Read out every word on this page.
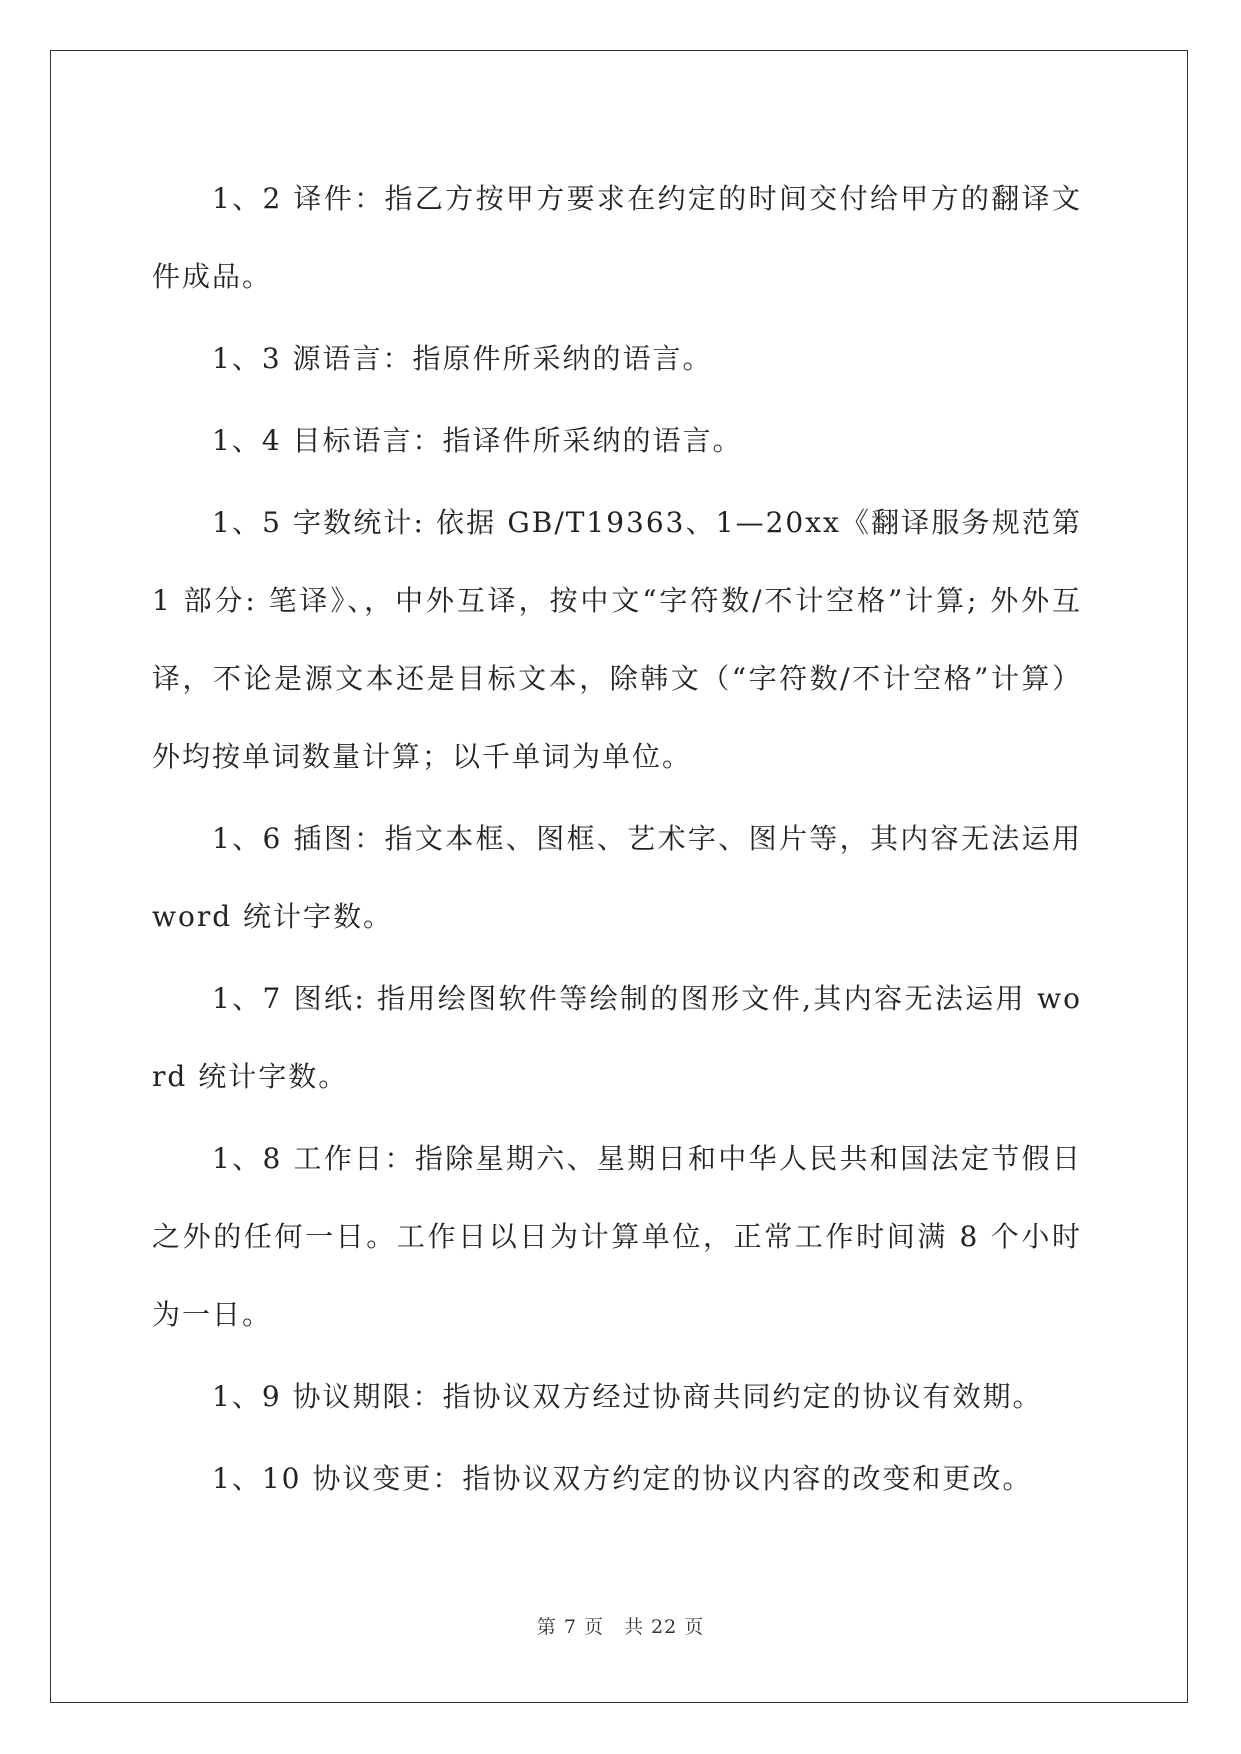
1、2 译件：指乙方按甲方要求在约定的时间交付给甲方的翻译文件成品。

1、3 源语言：指原件所采纳的语言。

1、4 目标语言：指译件所采纳的语言。

1、5 字数统计: 依据 GB/T19363、1—20xx《翻译服务规范第 1 部分: 笔译》、，中外互译，按中文“字符数/不计空格”计算; 外外互译，不论是源文本还是目标文本，除韩文（“字符数/不计空格”计算）外均按单词数量计算；以千单词为单位。

1、6 插图：指文本框、图框、艺术字、图片等，其内容无法运用 word 统计字数。

1、7 图纸: 指用绘图软件等绘制的图形文件,其内容无法运用 word 统计字数。

1、8 工作日：指除星期六、星期日和中华人民共和国法定节假日之外的任何一日。工作日以日为计算单位，正常工作时间满 8 个小时为一日。

1、9 协议期限：指协议双方经过协商共同约定的协议有效期。

1、10 协议变更：指协议双方约定的协议内容的改变和更改。

第 7 页 共 22 页
